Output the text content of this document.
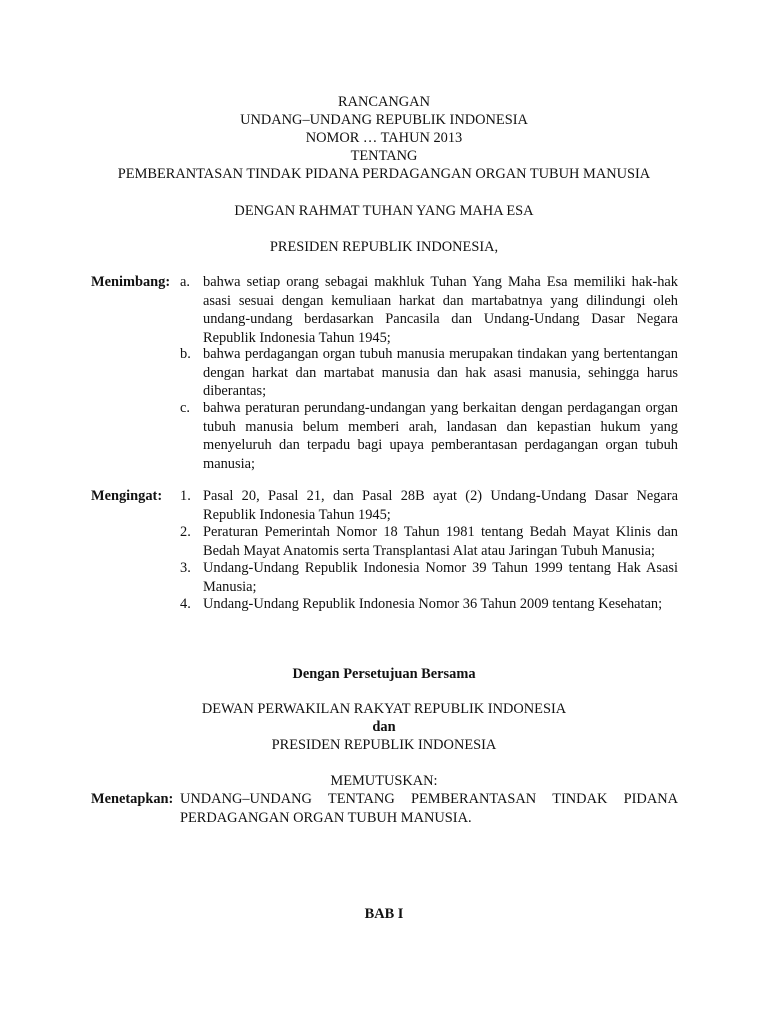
RANCANGAN
UNDANG–UNDANG REPUBLIK INDONESIA
NOMOR … TAHUN 2013
TENTANG
PEMBERANTASAN TINDAK PIDANA PERDAGANGAN ORGAN TUBUH MANUSIA
DENGAN RAHMAT TUHAN YANG MAHA ESA
PRESIDEN REPUBLIK INDONESIA,
Menimbang: a. bahwa setiap orang sebagai makhluk Tuhan Yang Maha Esa memiliki hak-hak asasi sesuai dengan kemuliaan harkat dan martabatnya yang dilindungi oleh undang-undang berdasarkan Pancasila dan Undang-Undang Dasar Negara Republik Indonesia Tahun 1945;
b. bahwa perdagangan organ tubuh manusia merupakan tindakan yang bertentangan dengan harkat dan martabat manusia dan hak asasi manusia, sehingga harus diberantas;
c. bahwa peraturan perundang-undangan yang berkaitan dengan perdagangan organ tubuh manusia belum memberi arah, landasan dan kepastian hukum yang menyeluruh dan terpadu bagi upaya pemberantasan perdagangan organ tubuh manusia;
Mengingat: 1. Pasal 20, Pasal 21, dan Pasal 28B ayat (2) Undang-Undang Dasar Negara Republik Indonesia Tahun 1945;
2. Peraturan Pemerintah Nomor 18 Tahun 1981 tentang Bedah Mayat Klinis dan Bedah Mayat Anatomis serta Transplantasi Alat atau Jaringan Tubuh Manusia;
3. Undang-Undang Republik Indonesia Nomor 39 Tahun 1999 tentang Hak Asasi Manusia;
4. Undang-Undang Republik Indonesia Nomor 36 Tahun 2009 tentang Kesehatan;
Dengan Persetujuan Bersama
DEWAN PERWAKILAN RAKYAT REPUBLIK INDONESIA
dan
PRESIDEN REPUBLIK INDONESIA
MEMUTUSKAN:
Menetapkan: UNDANG–UNDANG TENTANG PEMBERANTASAN TINDAK PIDANA PERDAGANGAN ORGAN TUBUH MANUSIA.
BAB I
